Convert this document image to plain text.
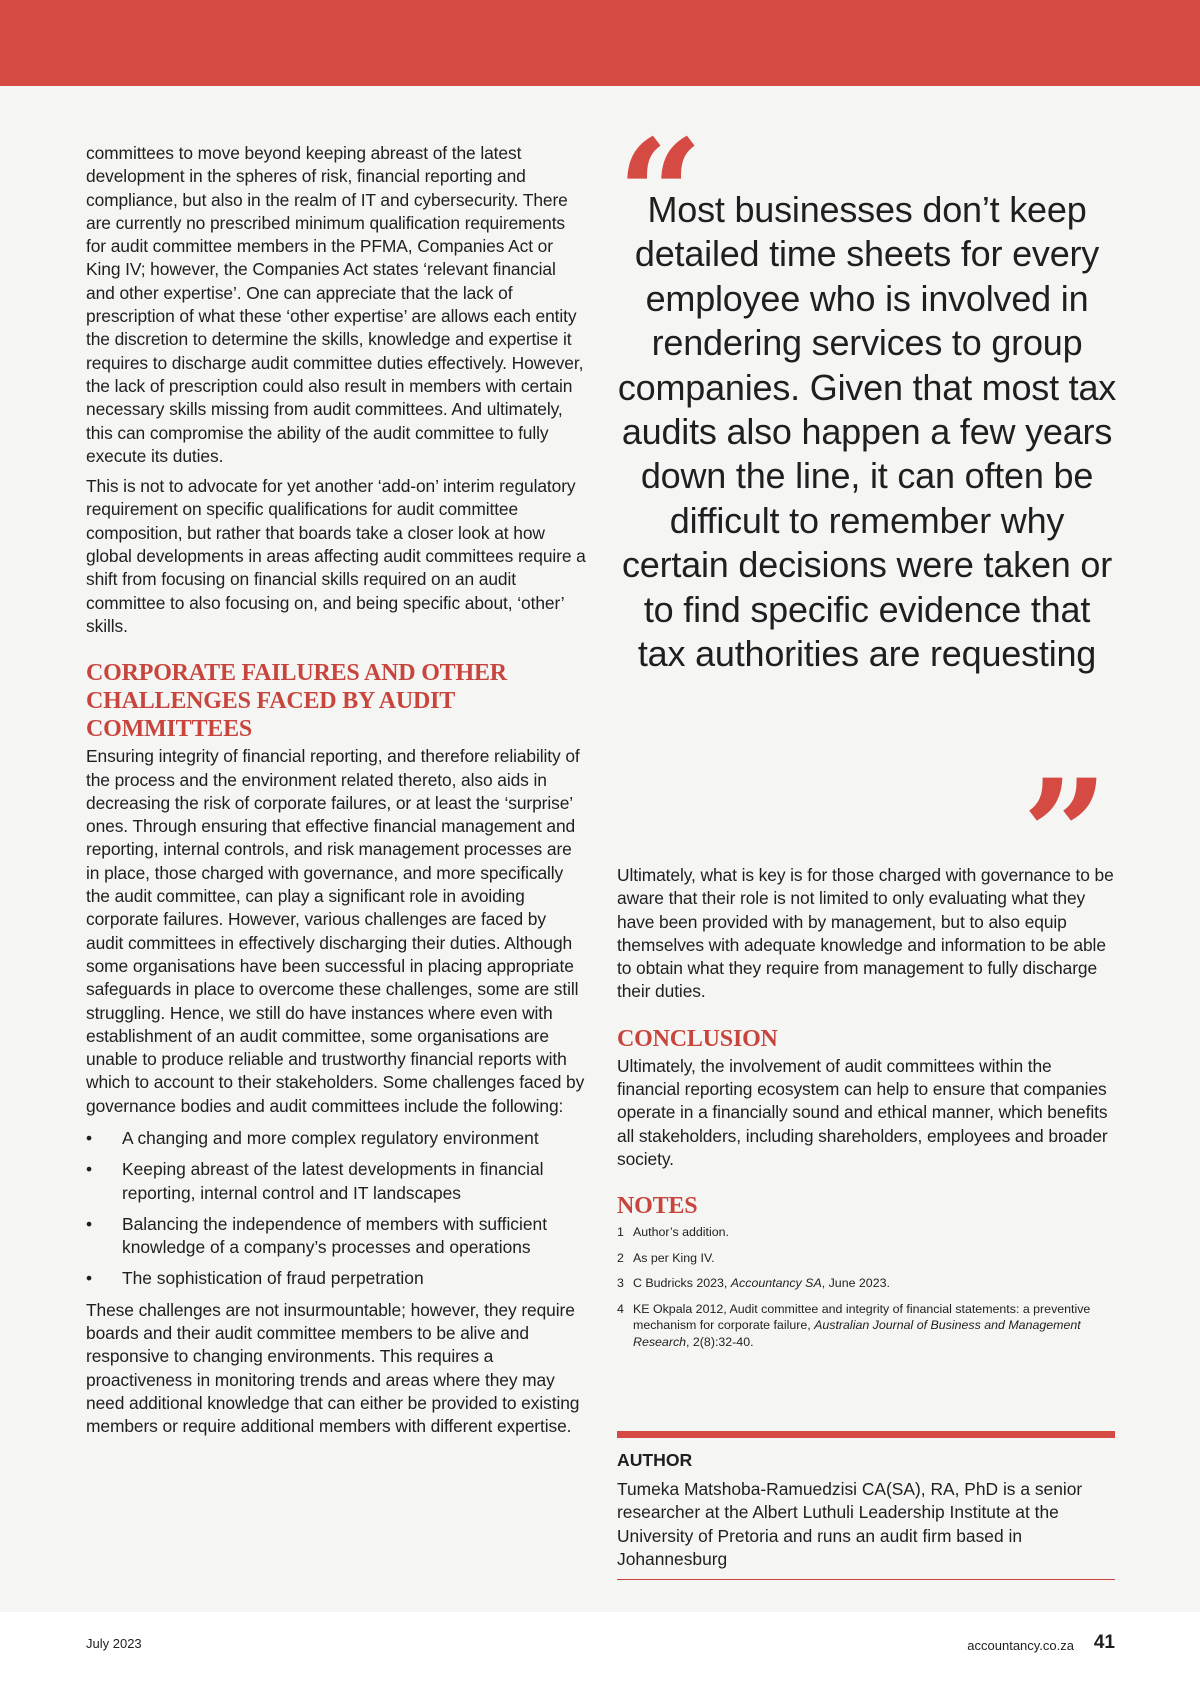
committees to move beyond keeping abreast of the latest development in the spheres of risk, financial reporting and compliance, but also in the realm of IT and cybersecurity. There are currently no prescribed minimum qualification requirements for audit committee members in the PFMA, Companies Act or King IV; however, the Companies Act states ‘relevant financial and other expertise’. One can appreciate that the lack of prescription of what these ‘other expertise’ are allows each entity the discretion to determine the skills, knowledge and expertise it requires to discharge audit committee duties effectively. However, the lack of prescription could also result in members with certain necessary skills missing from audit committees. And ultimately, this can compromise the ability of the audit committee to fully execute its duties.

This is not to advocate for yet another ‘add-on’ interim regulatory requirement on specific qualifications for audit committee composition, but rather that boards take a closer look at how global developments in areas affecting audit committees require a shift from focusing on financial skills required on an audit committee to also focusing on, and being specific about, ‘other’ skills.

CORPORATE FAILURES AND OTHER CHALLENGES FACED BY AUDIT COMMITTEES

Ensuring integrity of financial reporting, and therefore reliability of the process and the environment related thereto, also aids in decreasing the risk of corporate failures, or at least the ‘surprise’ ones. Through ensuring that effective financial management and reporting, internal controls, and risk management processes are in place, those charged with governance, and more specifically the audit committee, can play a significant role in avoiding corporate failures. However, various challenges are faced by audit committees in effectively discharging their duties. Although some organisations have been successful in placing appropriate safeguards in place to overcome these challenges, some are still struggling. Hence, we still do have instances where even with establishment of an audit committee, some organisations are unable to produce reliable and trustworthy financial reports with which to account to their stakeholders. Some challenges faced by governance bodies and audit committees include the following:

•	A changing and more complex regulatory environment
•	Keeping abreast of the latest developments in financial reporting, internal control and IT landscapes
•	Balancing the independence of members with sufficient knowledge of a company’s processes and operations
•	The sophistication of fraud perpetration

These challenges are not insurmountable; however, they require boards and their audit committee members to be alive and responsive to changing environments. This requires a proactiveness in monitoring trends and areas where they may need additional knowledge that can either be provided to existing members or require additional members with different expertise.

“
Most businesses don’t keep detailed time sheets for every employee who is involved in rendering services to group companies. Given that most tax audits also happen a few years down the line, it can often be difficult to remember why certain decisions were taken or to find specific evidence that tax authorities are requesting
”

Ultimately, what is key is for those charged with governance to be aware that their role is not limited to only evaluating what they have been provided with by management, but to also equip themselves with adequate knowledge and information to be able to obtain what they require from management to fully discharge their duties.

CONCLUSION

Ultimately, the involvement of audit committees within the financial reporting ecosystem can help to ensure that companies operate in a financially sound and ethical manner, which benefits all stakeholders, including shareholders, employees and broader society.

NOTES
1 Author’s addition.
2 As per King IV.
3 C Budricks 2023, Accountancy SA, June 2023.
4 KE Okpala 2012, Audit committee and integrity of financial statements: a preventive mechanism for corporate failure, Australian Journal of Business and Management Research, 2(8):32-40.
AUTHOR

Tumeka Matshoba-Ramuedzisi CA(SA), RA, PhD is a senior researcher at the Albert Luthuli Leadership Institute at the University of Pretoria and runs an audit firm based in Johannesburg

July 2023	accountancy.co.za 41
